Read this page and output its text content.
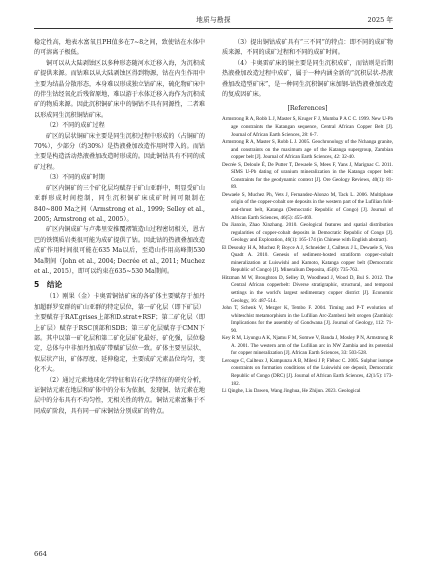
地质与勘探	2025 年

稳定性高，地表水富氧且PH值多在7~8之间，致使钴在水体中的可溶离子极低。

铜可以从大陆剥蚀区以多种形态随河水迁移入海，为沉积成矿提供来源。而钴难以从大陆剥蚀区得到物源，钴在内生作用中主要为结晶分散形态，本身难以形成独立钴矿床，硫化物矿床中的伴生钴经氧化后残留原地，难以游于水体迁移入海作为沉积成矿的物质来源。因此沉积铜矿床中的铜钴不具有同源性，二者难以形成同生沉积铜钴矿床。

（2）不同的成矿过程

矿区的层状铜矿床主要是同生沉积过程中形成的（占铜矿的70%），少部分（约30%）是热液叠加改造作用时带入的。而钴主要是构造活动热液叠加改造时形成的。因此铜钴具有不同的成矿过程。

（3）不同的成矿时期

矿区内铜矿的三个矿化层均赋存于矿山亚群中，明显受矿山亚群形成时间控制，同生沉积铜矿床成矿时间可限制在840~800 Ma之间（Armstrong et al., 1999; Selley et al., 2005; Armstrong et al., 2005）。

矿区内铜成矿与卢弗里安推覆褶皱造山过程密切相关，恩古巴的铁镁质岩类很可能为成矿提供了钴。因此钴的热液叠加改造成矿作用时间很可能在635 Ma以后，至造山作用高峰期530 Ma期间（John et al., 2004; Decrée et al., 2011; Muchez et al., 2015），即可以约束在635~530 Ma期间。

5　结论

（1）刚果（金）卡奥雷铜钴矿床的各矿体主要赋存于加丹加超群罗安群的矿山亚群的特定层位，第一矿化层（即下矿层）主要赋存于RAT.grises上部和D.strat+RSF；第二矿化层（即上矿层）赋存于RSC顶部和SDB；第三矿化层赋存于CMN下部。其中以第一矿化层和第二矿化层矿化最好，矿化强，层位稳定，总体与中非加丹加成矿带赋矿层位一致。矿体主要呈层状、似层状产出，矿体厚度、延伸稳定，主要成矿元素品位均匀，变化不大。

（2）通过元素地球化学特征和岩石化学特征的研究分析，证铜钴元素在地层和矿体中的分布为依据，发现铜、钴元素在地层中的分布具有不均匀性，无相关性的特点。铜钴元素富集于不同成矿阶段，具有同一矿床铜钴分别成矿的特点。

（3）提出铜钴成矿具有“三不同”的特点：即不同的成矿物质来源、不同的成矿过程和不同的成矿时间。

（4）卡奥雷矿床的铜主要是同生沉积成矿，而钴则是后期热液叠加改造过程中成矿，属于一种内涵全新的“沉积层状-热液叠加改造型矿床”，是一种同生沉积铜矿床加钢-钴热液叠加改造的复成因矿床。

[References]
Armstrong R A, Robb L J, Master S, Kruger F J, Mumba P A C C. 1999. New U-Pb age constraints the Katangan sequence, Central African Copper Belt [J]. Journal of African Earth Sciences, 28: 6-7.
Armstrong R A, Master S, Robb L J. 2005. Geochronology of the Nchanga granite, and constraints on the maximum age of the Katanga supergroup, Zambian copper belt [J]. Journal of African Earth Sciences, 42: 32-40.
Decrée S, Deloule É, De Putter T, Dewaele S, Mees F, Yans J, Marignac C. 2011. SIMS U-Pb dating of uranium mineralization in the Katanga copper belt: Constraints for the geodynamic context [J]. Ore Geology Reviews, 40(1): 81-89.
Dewaele S, Muchez Ph, Vets J, Fernandez-Alonzo M, Tack L. 2006. Multiphase origin of the copper-cobalt ore deposits in the western part of the Lufilian fold-and-thrust belt, Katanga (Democratic Republic of Congo) [J]. Journal of African Earth Sciences, 46(5): 455-469.
Du Jianxin, Zhao Xinzhang. 2010. Geological features and spatial distribution regularities of copper-cobalt deposits in Democratic Republic of Congo [J]. Geology and Exploration, 46(1): 165-174 (in Chinese with English abstract).
El Desouky H A, Muchez P, Boyce A J, Schneider J, Cailteux J L, Dewaele S, Von Quadt A. 2010. Genesis of sediment-hosted stratiform copper-cobalt mineralization at Luiswishi and Kamoto, Katanga copper belt (Democratic Republic of Congo) [J]. Mineralium Deposita, 45(8): 735-763.
Hitzman M W, Broughton D, Selley D, Woodhead J, Wood D, Bul S. 2012. The Central African copperbelt: Diverse stratigraphic, structural, and temporal settings in the world's largest sedimentary copper district [J]. Economic Geology, 16: 487-514.
John T, Schenk V, Mezger K, Tembo F. 2004. Timing and P-T evolution of whiteschist metamorphism in the Lufilian Arc-Zambezi belt orogen (Zambia): Implications for the assembly of Gondwana [J]. Journal of Geology, 112: 71-90.
Key R M, Liyungu A K, Njamu F M, Somwe V, Banda J, Mosley P N, Armstrong R A. 2001. The western arm of the Lufilian arc in NW Zambia and its potential for copper mineralization [J]. African Earth Sciences, 33: 503-528.
Lerouge C, Cailteux J, Kampunzu A B, Milesi J P, Fléhoc C. 2005. Sulphur isotope constraints on formation conditions of the Luiswishi ore deposit, Democratic Republic of Congo (DRC) [J]. Journal of African Earth Sciences, 42(1/5): 173-182.
Li Qinghe, Liu Dawen, Wang Jinghua, He Zhijun. 2023. Geological
664
